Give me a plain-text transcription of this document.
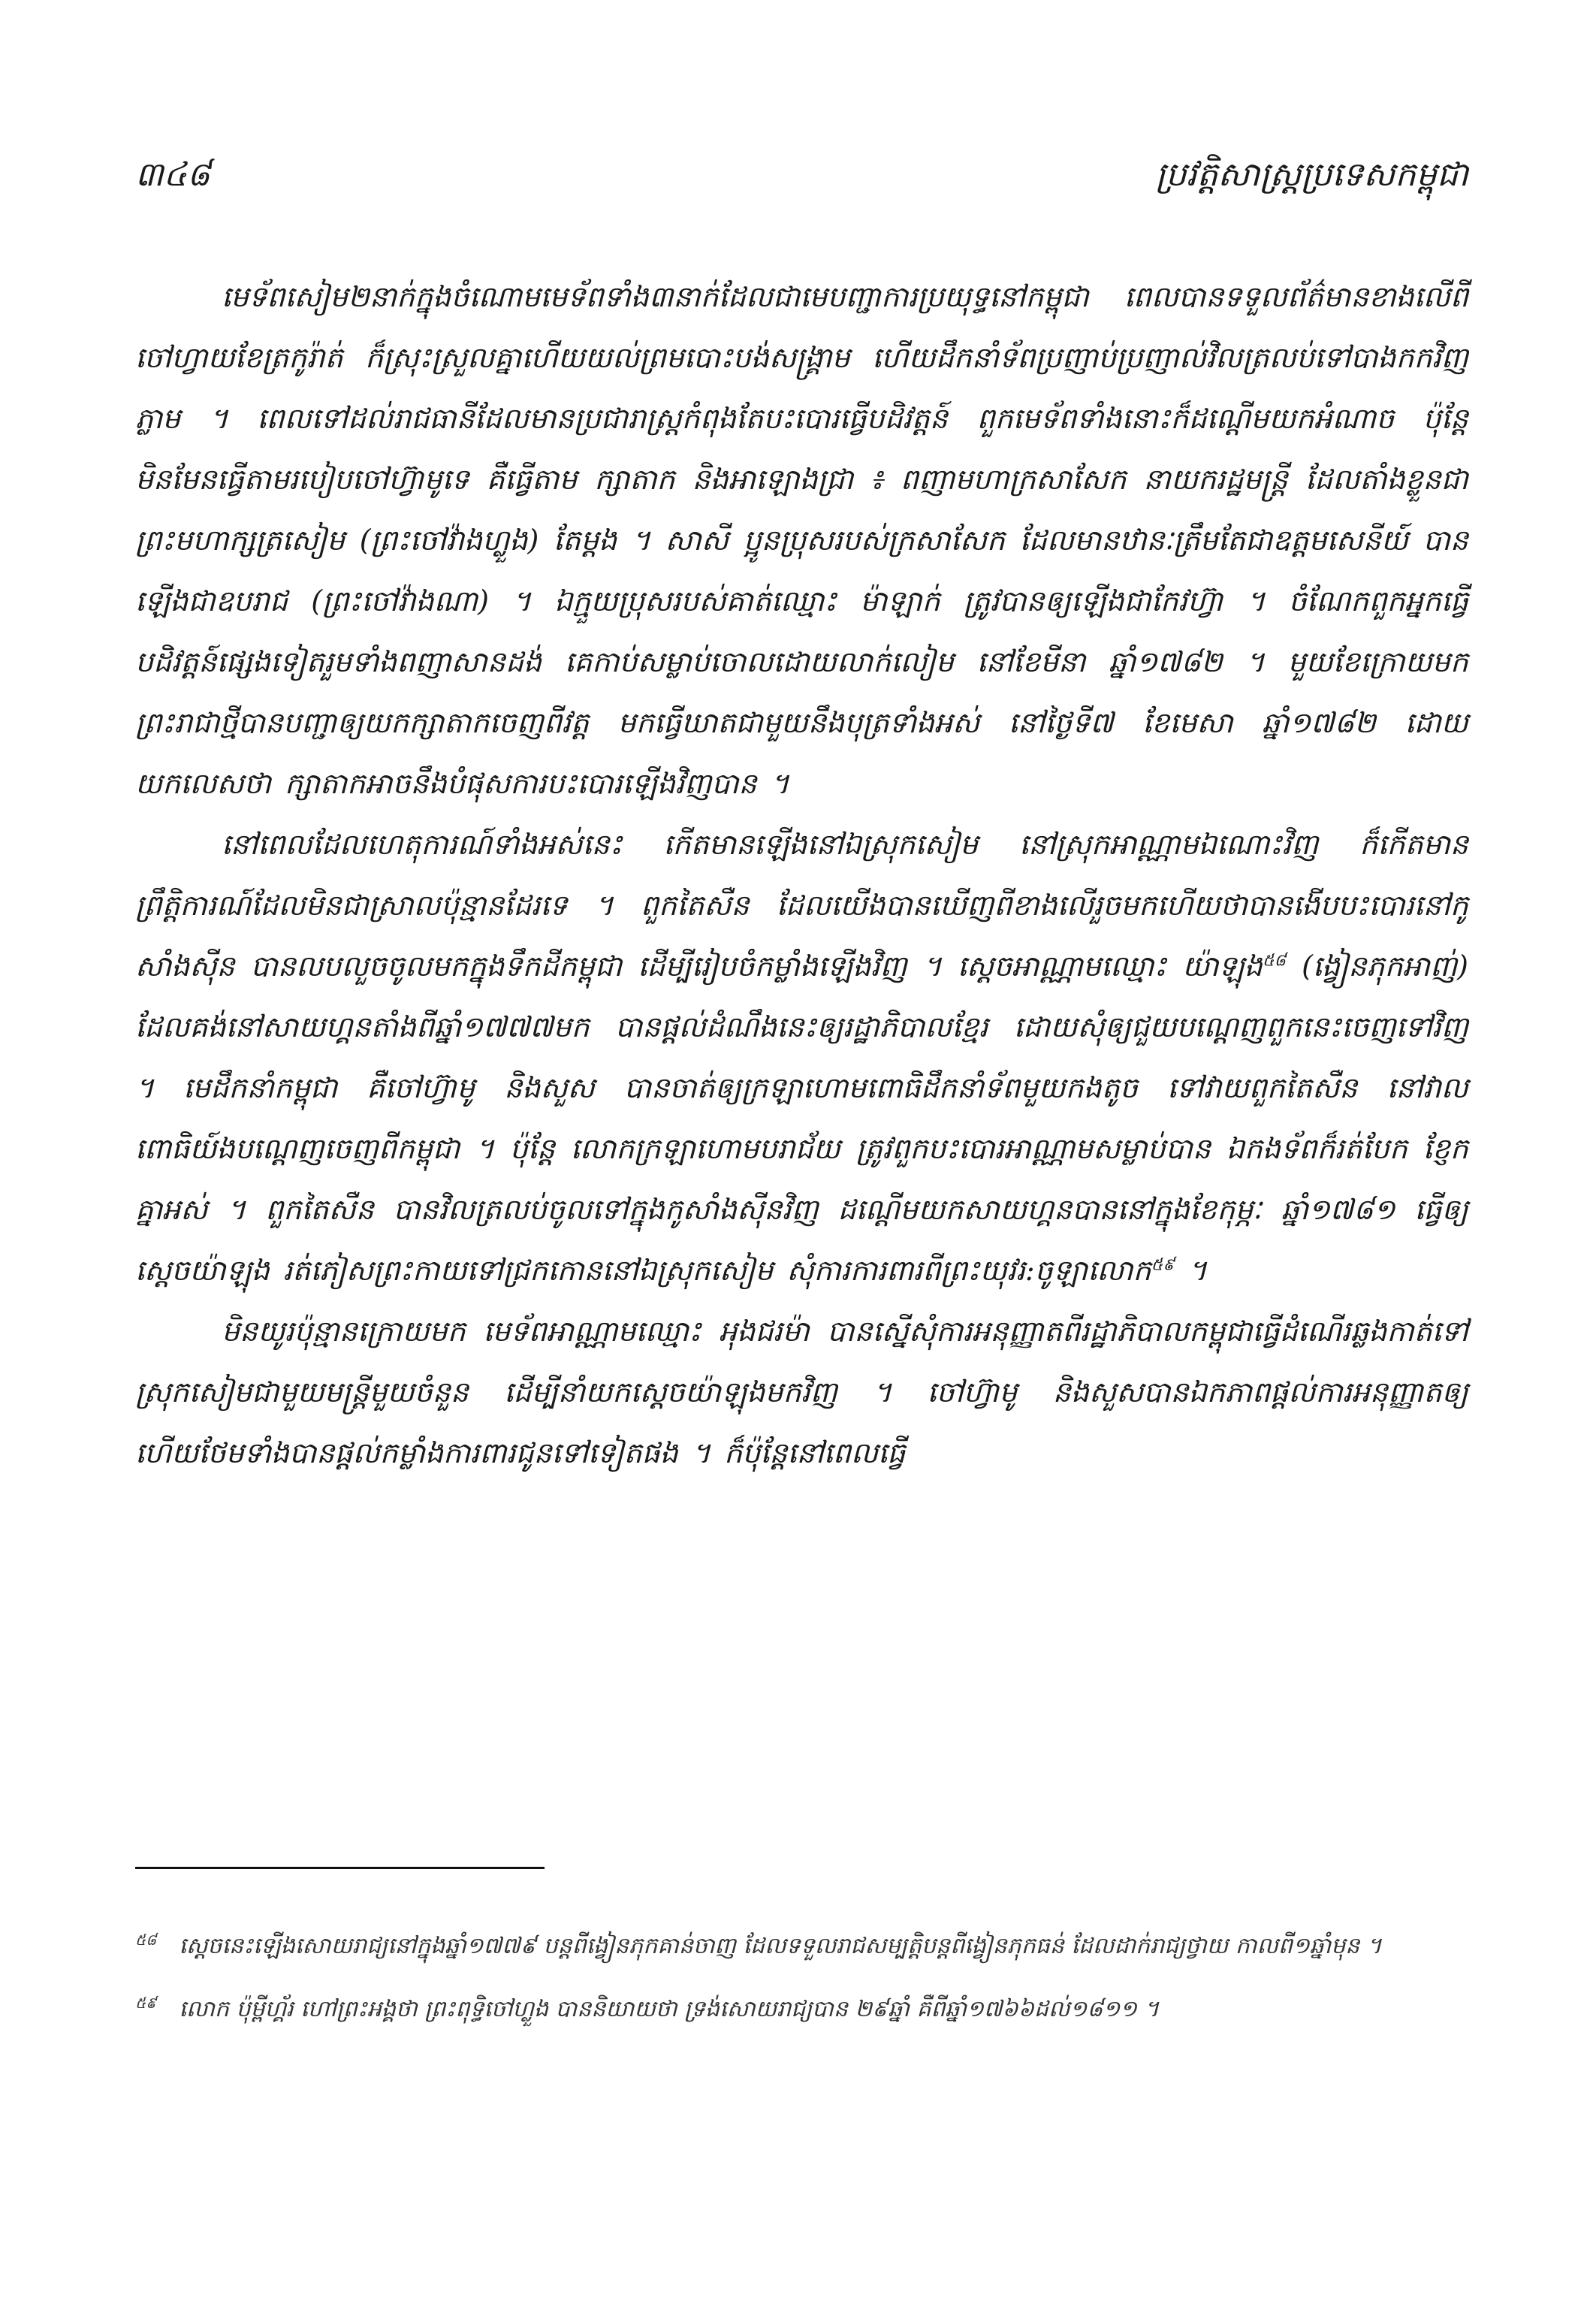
៣៤៨	ប្រវត្តិសាស្ត្រប្រទេសកម្ពុជា

មេទ័ពសៀម២នាក់ក្នុងចំណោមមេទ័ពទាំង៣នាក់ដែលជាមេបញ្ជាការប្រយុទ្ធនៅកម្ពុជា ពេលបានទទួលព័ត៌មានខាងលើពីចៅហ្វាយខែត្រកូរ៉ាត់ ក៏ស្រុះស្រួលគ្នាហើយយល់ព្រមបោះបង់សង្គ្រាម ហើយដឹកនាំទ័ពប្រញាប់ប្រញាល់វិលត្រលប់ទៅបាងកកវិញភ្លាម ។ ពេលទៅដល់រាជធានីដែលមានប្រជារាស្ត្រកំពុងតែបះបោរធ្វើបដិវត្តន៍ ពួកមេទ័ពទាំងនោះក៏ដណ្តើមយកអំណាច ប៉ុន្តែមិនមែនធ្វើតាមរបៀបចៅហ៊្វាមូទេ គឺធ្វើតាម ក្សាតាក និងអាឡោងជ្រា ៖ ពញាមហាក្រសាសែក នាយករដ្ឋមន្ត្រី ដែលតាំងខ្លួនជាព្រះមហាក្សត្រសៀម (ព្រះចៅវ៉ាងហ្លួង) តែម្តង ។ សាសី ប្អូនប្រុសរបស់ក្រសាសែក ដែលមានឋានៈត្រឹមតែជាឧត្តមសេនីយ៍ បានឡើងជាឧបរាជ (ព្រះចៅវ៉ាងណា) ។ ឯក្មួយប្រុសរបស់គាត់ឈ្មោះ ម៉ាឡាក់ ត្រូវបានឲ្យឡើងជាកែវហ៊្វា ។ ចំណែកពួកអ្នកធ្វើបដិវត្តន៍ផ្សេងទៀតរួមទាំងពញាសានដង់ គេកាប់សម្លាប់ចោលដោយលាក់លៀម នៅខែមីនា ឆ្នាំ១៧៨២ ។ មួយខែក្រោយមក ព្រះរាជាថ្មីបានបញ្ជាឲ្យយកក្សាតាកចេញពីវត្ត មកធ្វើឃាតជាមួយនឹងបុត្រទាំងអស់ នៅថ្ងៃទី៧ ខែមេសា ឆ្នាំ១៧៨២ ដោយយកលេសថា ក្សាតាកអាចនឹងបំផុសការបះបោរឡើងវិញបាន ។

នៅពេលដែលហេតុការណ៍ទាំងអស់នេះ កើតមានឡើងនៅឯស្រុកសៀម នៅស្រុកអាណ្ណាមឯណោះវិញ ក៏កើតមានព្រឹត្តិការណ៍ដែលមិនជាស្រាលប៉ុន្មានដែរទេ ។ ពួកតៃសឺន ដែលយើងបានឃើញពីខាងលើរួចមកហើយថាបានងើបបះបោរនៅកូសាំងស៊ីន បានលបលួចចូលមកក្នុងទឹកដីកម្ពុជា ដើម្បីរៀបចំកម្លាំងឡើងវិញ ។ ស្តេចអាណ្ណាមឈ្មោះ យ៉ាឡុង$^{៥៨}$ (ង្វៀនភុកអាញ់) ដែលគង់នៅសាយហ្គនតាំងពីឆ្នាំ១៧៧៧មក បានផ្តល់ដំណឹងនេះឲ្យរដ្ឋាភិបាលខ្មែរ ដោយសុំឲ្យជួយបណ្តេញពួកនេះចេញទៅវិញ ។ មេដឹកនាំកម្ពុជា គឺចៅហ៊្វាមូ និងសួស បានចាត់ឲ្យក្រឡាហោមពោធិដឹកនាំទ័ពមួយកងតូច ទៅវាយពួកតៃសឺន នៅវាលពោធិយ៍ងបណ្តេញចេញពីកម្ពុជា ។ ប៉ុន្តែ លោកក្រឡាហោមបរាជ័យ ត្រូវពួកបះបោរអាណ្ណាមសម្លាប់បាន ឯកងទ័ពក៏រត់បែក ខ្ញែកគ្នាអស់ ។ ពួកតៃសឺន បានវិលត្រលប់ចូលទៅក្នុងកូសាំងស៊ីនវិញ ដណ្តើមយកសាយហ្គនបាននៅក្នុងខែកុម្ភៈ ឆ្នាំ១៧៨១ ធ្វើឲ្យស្តេចយ៉ាឡុង រត់ភៀសព្រះកាយទៅជ្រកកោននៅឯស្រុកសៀម សុំការការពារពីព្រះយុវរ:ចូឡាលោក$^{៥៩}$ ។

មិនយូរប៉ុន្មានក្រោយមក មេទ័ពអាណ្ណាមឈ្មោះ អុងជរម៉ា បានស្នើសុំការអនុញ្ញាតពីរដ្ឋាភិបាលកម្ពុជាធ្វើដំណើរឆ្លងកាត់ទៅស្រុកសៀមជាមួយមន្ត្រីមួយចំនួន ដើម្បីនាំយកស្តេចយ៉ាឡុងមកវិញ ។ ចៅហ៊្វាមូ និងសួសបានឯកភាពផ្តល់ការអនុញ្ញាតឲ្យ ហើយថែមទាំងបានផ្តល់កម្លាំងការពារជូនទៅទៀតផង ។ ក៏ប៉ុន្តែនៅពេលធ្វើ

$^{៥៨}$ ស្តេចនេះឡើងសោយរាជ្យនៅក្នុងឆ្នាំ១៧៧៩ បន្តពីង្វៀនភុកគាន់ចាញ ដែលទទួលរាជសម្បត្តិបន្តពីង្វៀនភុកធន់ ដែលដាក់រាជ្យថ្វាយ កាលពី១ឆ្នាំមុន ។

$^{៥៩}$ លោក ប៉ុម្ពីហ្គ័រ ហៅព្រះអង្គថា ព្រះពុទ្ធិចៅហ្លួង បាននិយាយថា ទ្រង់សោយរាជ្យបាន ២៩ឆ្នាំ គឺពីឆ្នាំ១៧៦៦ដល់១៨១១ ។
